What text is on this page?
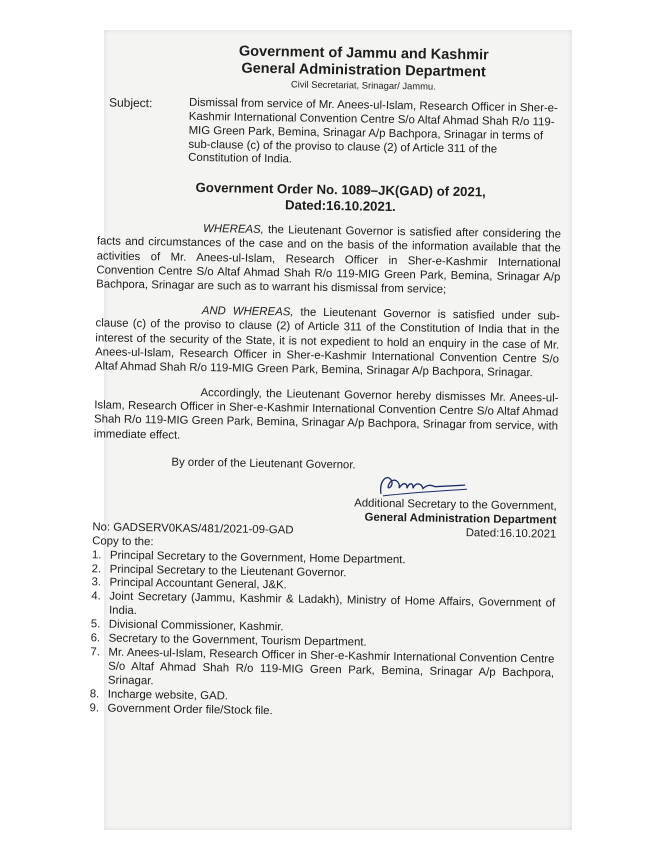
Government of Jammu and Kashmir
General Administration Department
Civil Secretariat, Srinagar/ Jammu.
Subject:	Dismissal from service of Mr. Anees-ul-Islam, Research Officer in Sher-e-Kashmir International Convention Centre S/o Altaf Ahmad Shah R/o 119-MIG Green Park, Bemina, Srinagar A/p Bachpora, Srinagar in terms of sub-clause (c) of the proviso to clause (2) of Article 311 of the Constitution of India.
Government Order No. 1089–JK(GAD) of 2021,
Dated:16.10.2021.
WHEREAS, the Lieutenant Governor is satisfied after considering the facts and circumstances of the case and on the basis of the information available that the activities of Mr. Anees-ul-Islam, Research Officer in Sher-e-Kashmir International Convention Centre S/o Altaf Ahmad Shah R/o 119-MIG Green Park, Bemina, Srinagar A/p Bachpora, Srinagar are such as to warrant his dismissal from service;
AND WHEREAS, the Lieutenant Governor is satisfied under sub-clause (c) of the proviso to clause (2) of Article 311 of the Constitution of India that in the interest of the security of the State, it is not expedient to hold an enquiry in the case of Mr. Anees-ul-Islam, Research Officer in Sher-e-Kashmir International Convention Centre S/o Altaf Ahmad Shah R/o 119-MIG Green Park, Bemina, Srinagar A/p Bachpora, Srinagar.
Accordingly, the Lieutenant Governor hereby dismisses Mr. Anees-ul-Islam, Research Officer in Sher-e-Kashmir International Convention Centre S/o Altaf Ahmad Shah R/o 119-MIG Green Park, Bemina, Srinagar A/p Bachpora, Srinagar from service, with immediate effect.
By order of the Lieutenant Governor.
Additional Secretary to the Government,
General Administration Department
No: GADSERV0KAS/481/2021-09-GAD	Dated:16.10.2021
Copy to the:
1. Principal Secretary to the Government, Home Department.
2. Principal Secretary to the Lieutenant Governor.
3. Principal Accountant General, J&K.
4. Joint Secretary (Jammu, Kashmir & Ladakh), Ministry of Home Affairs, Government of India.
5. Divisional Commissioner, Kashmir.
6. Secretary to the Government, Tourism Department.
7. Mr. Anees-ul-Islam, Research Officer in Sher-e-Kashmir International Convention Centre S/o Altaf Ahmad Shah R/o 119-MIG Green Park, Bemina, Srinagar A/p Bachpora, Srinagar.
8. Incharge website, GAD.
9. Government Order file/Stock file.
